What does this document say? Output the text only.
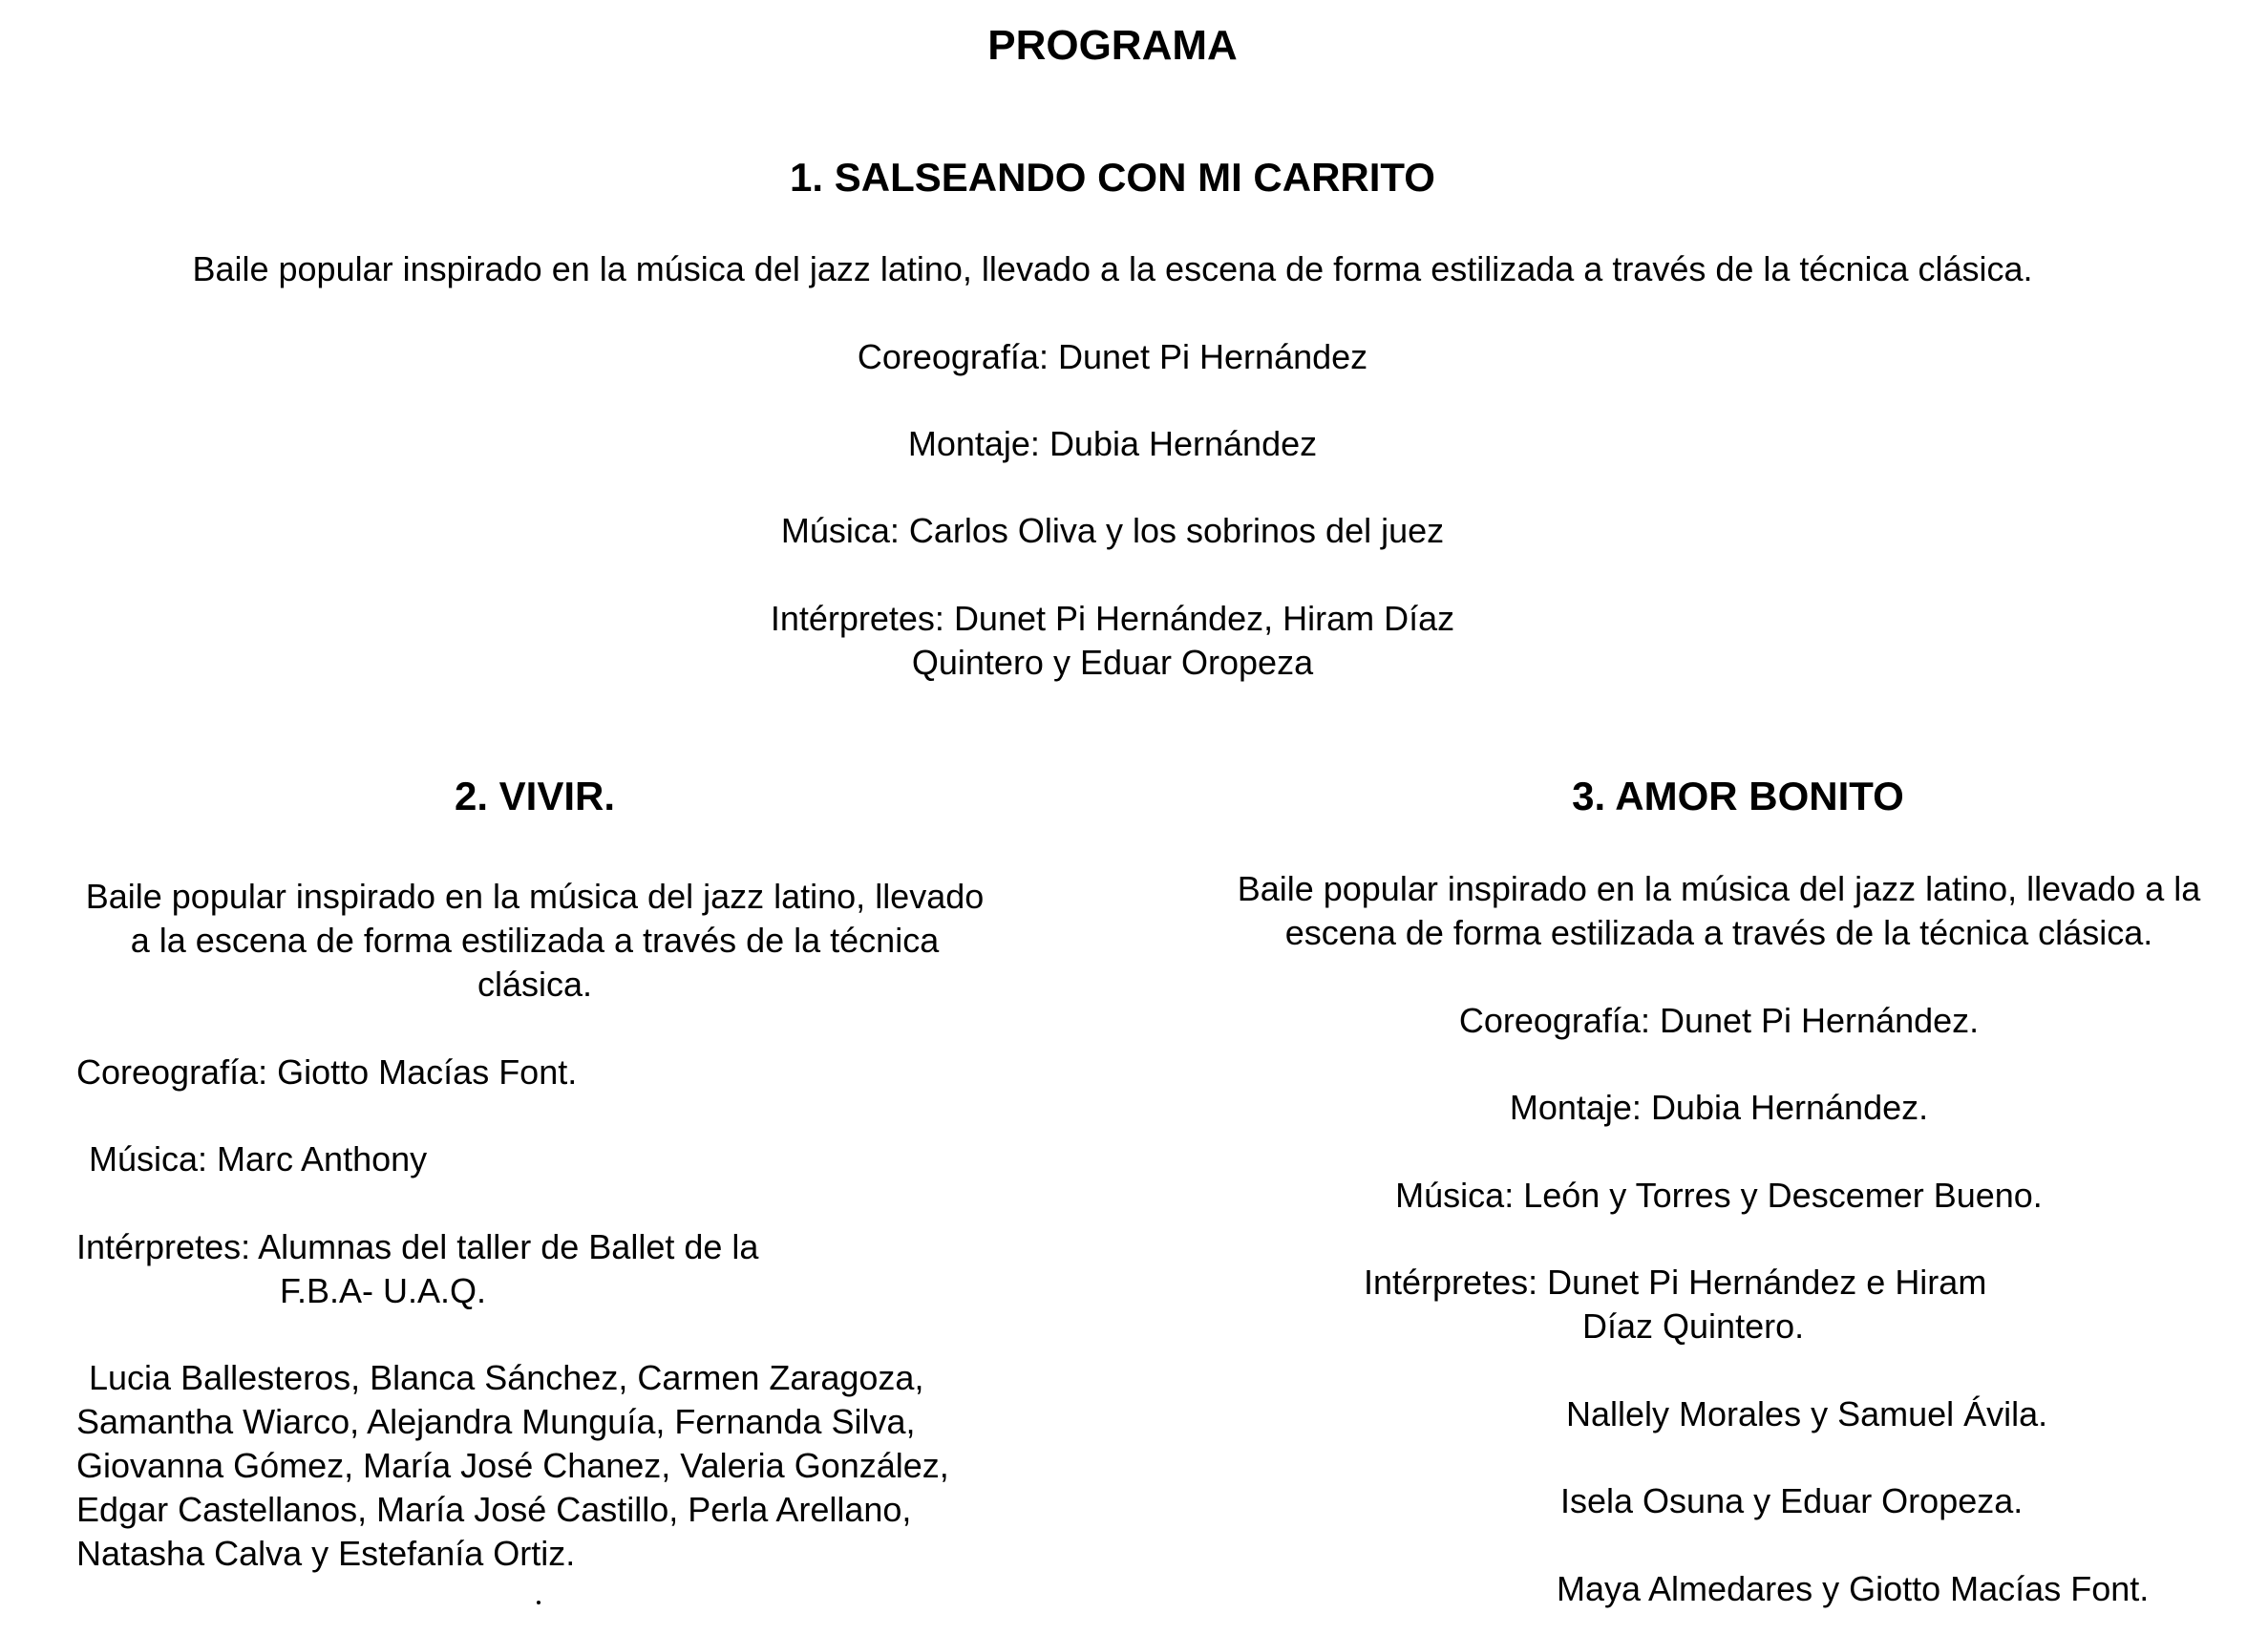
PROGRAMA
1. SALSEANDO CON MI CARRITO
Baile popular inspirado en la música del jazz latino, llevado a la escena de forma estilizada a través de la técnica clásica.
Coreografía: Dunet Pi Hernández
Montaje: Dubia Hernández
Música: Carlos Oliva y los sobrinos del juez
Intérpretes: Dunet Pi Hernández, Hiram Díaz
Quintero y Eduar Oropeza
2. VIVIR.
Baile popular inspirado en la música del jazz latino, llevado
a la escena de forma estilizada a través de la técnica
clásica.
Coreografía: Giotto Macías Font.
Música: Marc Anthony
Intérpretes: Alumnas del taller de Ballet de la
F.B.A- U.A.Q.
Lucia Ballesteros, Blanca Sánchez, Carmen Zaragoza,
Samantha Wiarco, Alejandra Munguía, Fernanda Silva,
Giovanna Gómez, María José Chanez, Valeria González,
Edgar Castellanos, María José Castillo, Perla Arellano,
Natasha Calva y Estefanía Ortiz.
3. AMOR BONITO
Baile popular inspirado en la música del jazz latino, llevado a la
escena de forma estilizada a través de la técnica clásica.
Coreografía: Dunet Pi Hernández.
Montaje: Dubia Hernández.
Música: León y Torres y Descemer Bueno.
Intérpretes: Dunet Pi Hernández e Hiram
Díaz Quintero.
Nallely Morales y Samuel Ávila.
Isela Osuna y Eduar Oropeza.
Maya Almedares y Giotto Macías Font.
